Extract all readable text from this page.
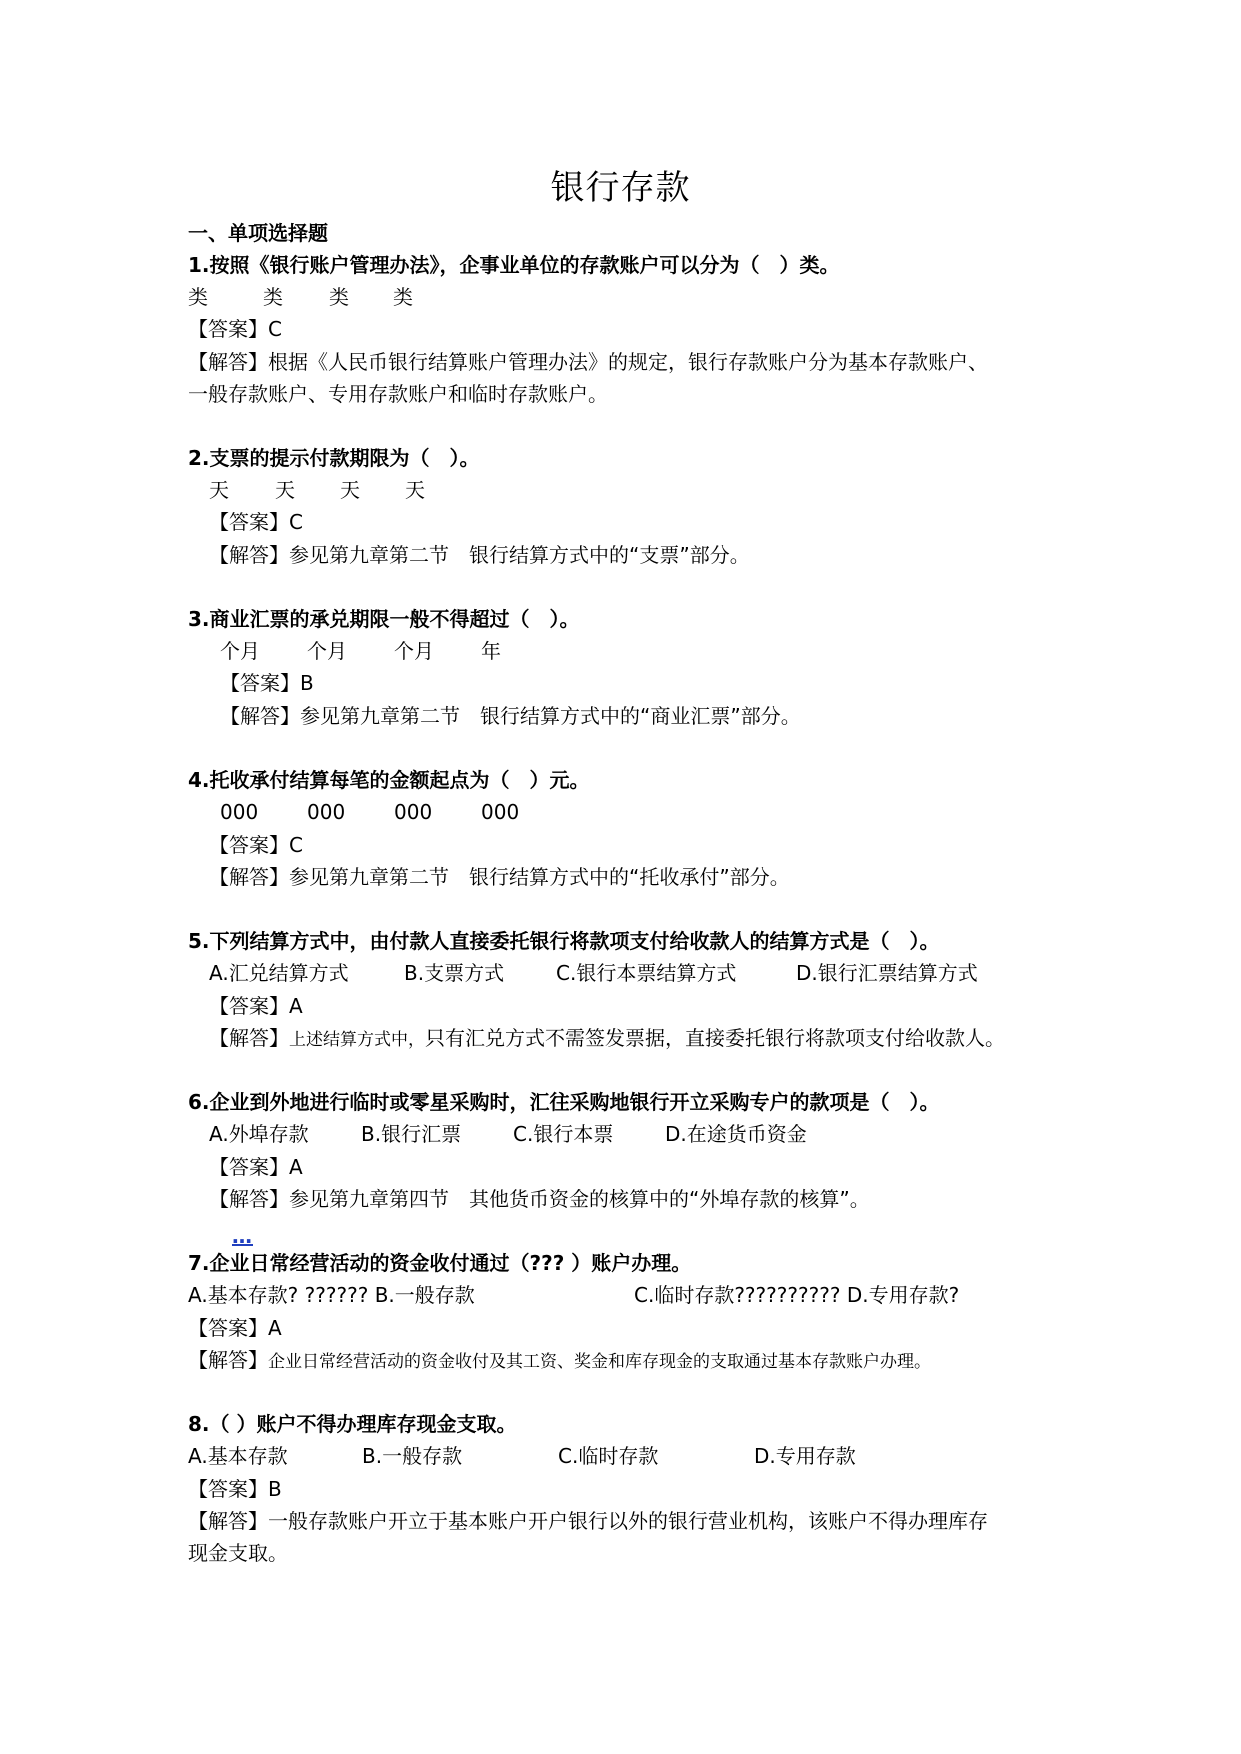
银行存款
一、单项选择题
1.按照《银行账户管理办法》，企事业单位的存款账户可以分为（　）类。
类	类 类 类
【答案】C
【解答】根据《人民币银行结算账户管理办法》的规定，银行存款账户分为基本存款账户、
一般存款账户、专用存款账户和临时存款账户。
2.支票的提示付款期限为（　）。
天 天 天 天
【答案】C
【解答】参见第九章第二节　银行结算方式中的“支票”部分。
3.商业汇票的承兑期限一般不得超过（　）。
个月 个月 个月 年
【答案】B
【解答】参见第九章第二节　银行结算方式中的“商业汇票”部分。
4.托收承付结算每笔的金额起点为（　）元。
000 000 000 000
【答案】C
【解答】参见第九章第二节　银行结算方式中的“托收承付”部分。
5.下列结算方式中，由付款人直接委托银行将款项支付给收款人的结算方式是（　）。
A.汇兑结算方式	B.支票方式	C.银行本票结算方式	D.银行汇票结算方式
【答案】A
【解答】上述结算方式中，只有汇兑方式不需签发票据，直接委托银行将款项支付给收款人。
6.企业到外地进行临时或零星采购时，汇往采购地银行开立采购专户的款项是（　）。
A.外埠存款	B.银行汇票	C.银行本票	D.在途货币资金
【答案】A
【解答】参见第九章第四节　其他货币资金的核算中的“外埠存款的核算”。
…
7.企业日常经营活动的资金收付通过（??? ）账户办理。
A.基本存款? ?????? B.一般存款	C.临时存款?????????? D.专用存款?
【答案】A
【解答】企业日常经营活动的资金收付及其工资、奖金和库存现金的支取通过基本存款账户办理。
8.（ ）账户不得办理库存现金支取。
A.基本存款	B.一般存款	C.临时存款	D.专用存款
【答案】B
【解答】一般存款账户开立于基本账户开户银行以外的银行营业机构，该账户不得办理库存
现金支取。
